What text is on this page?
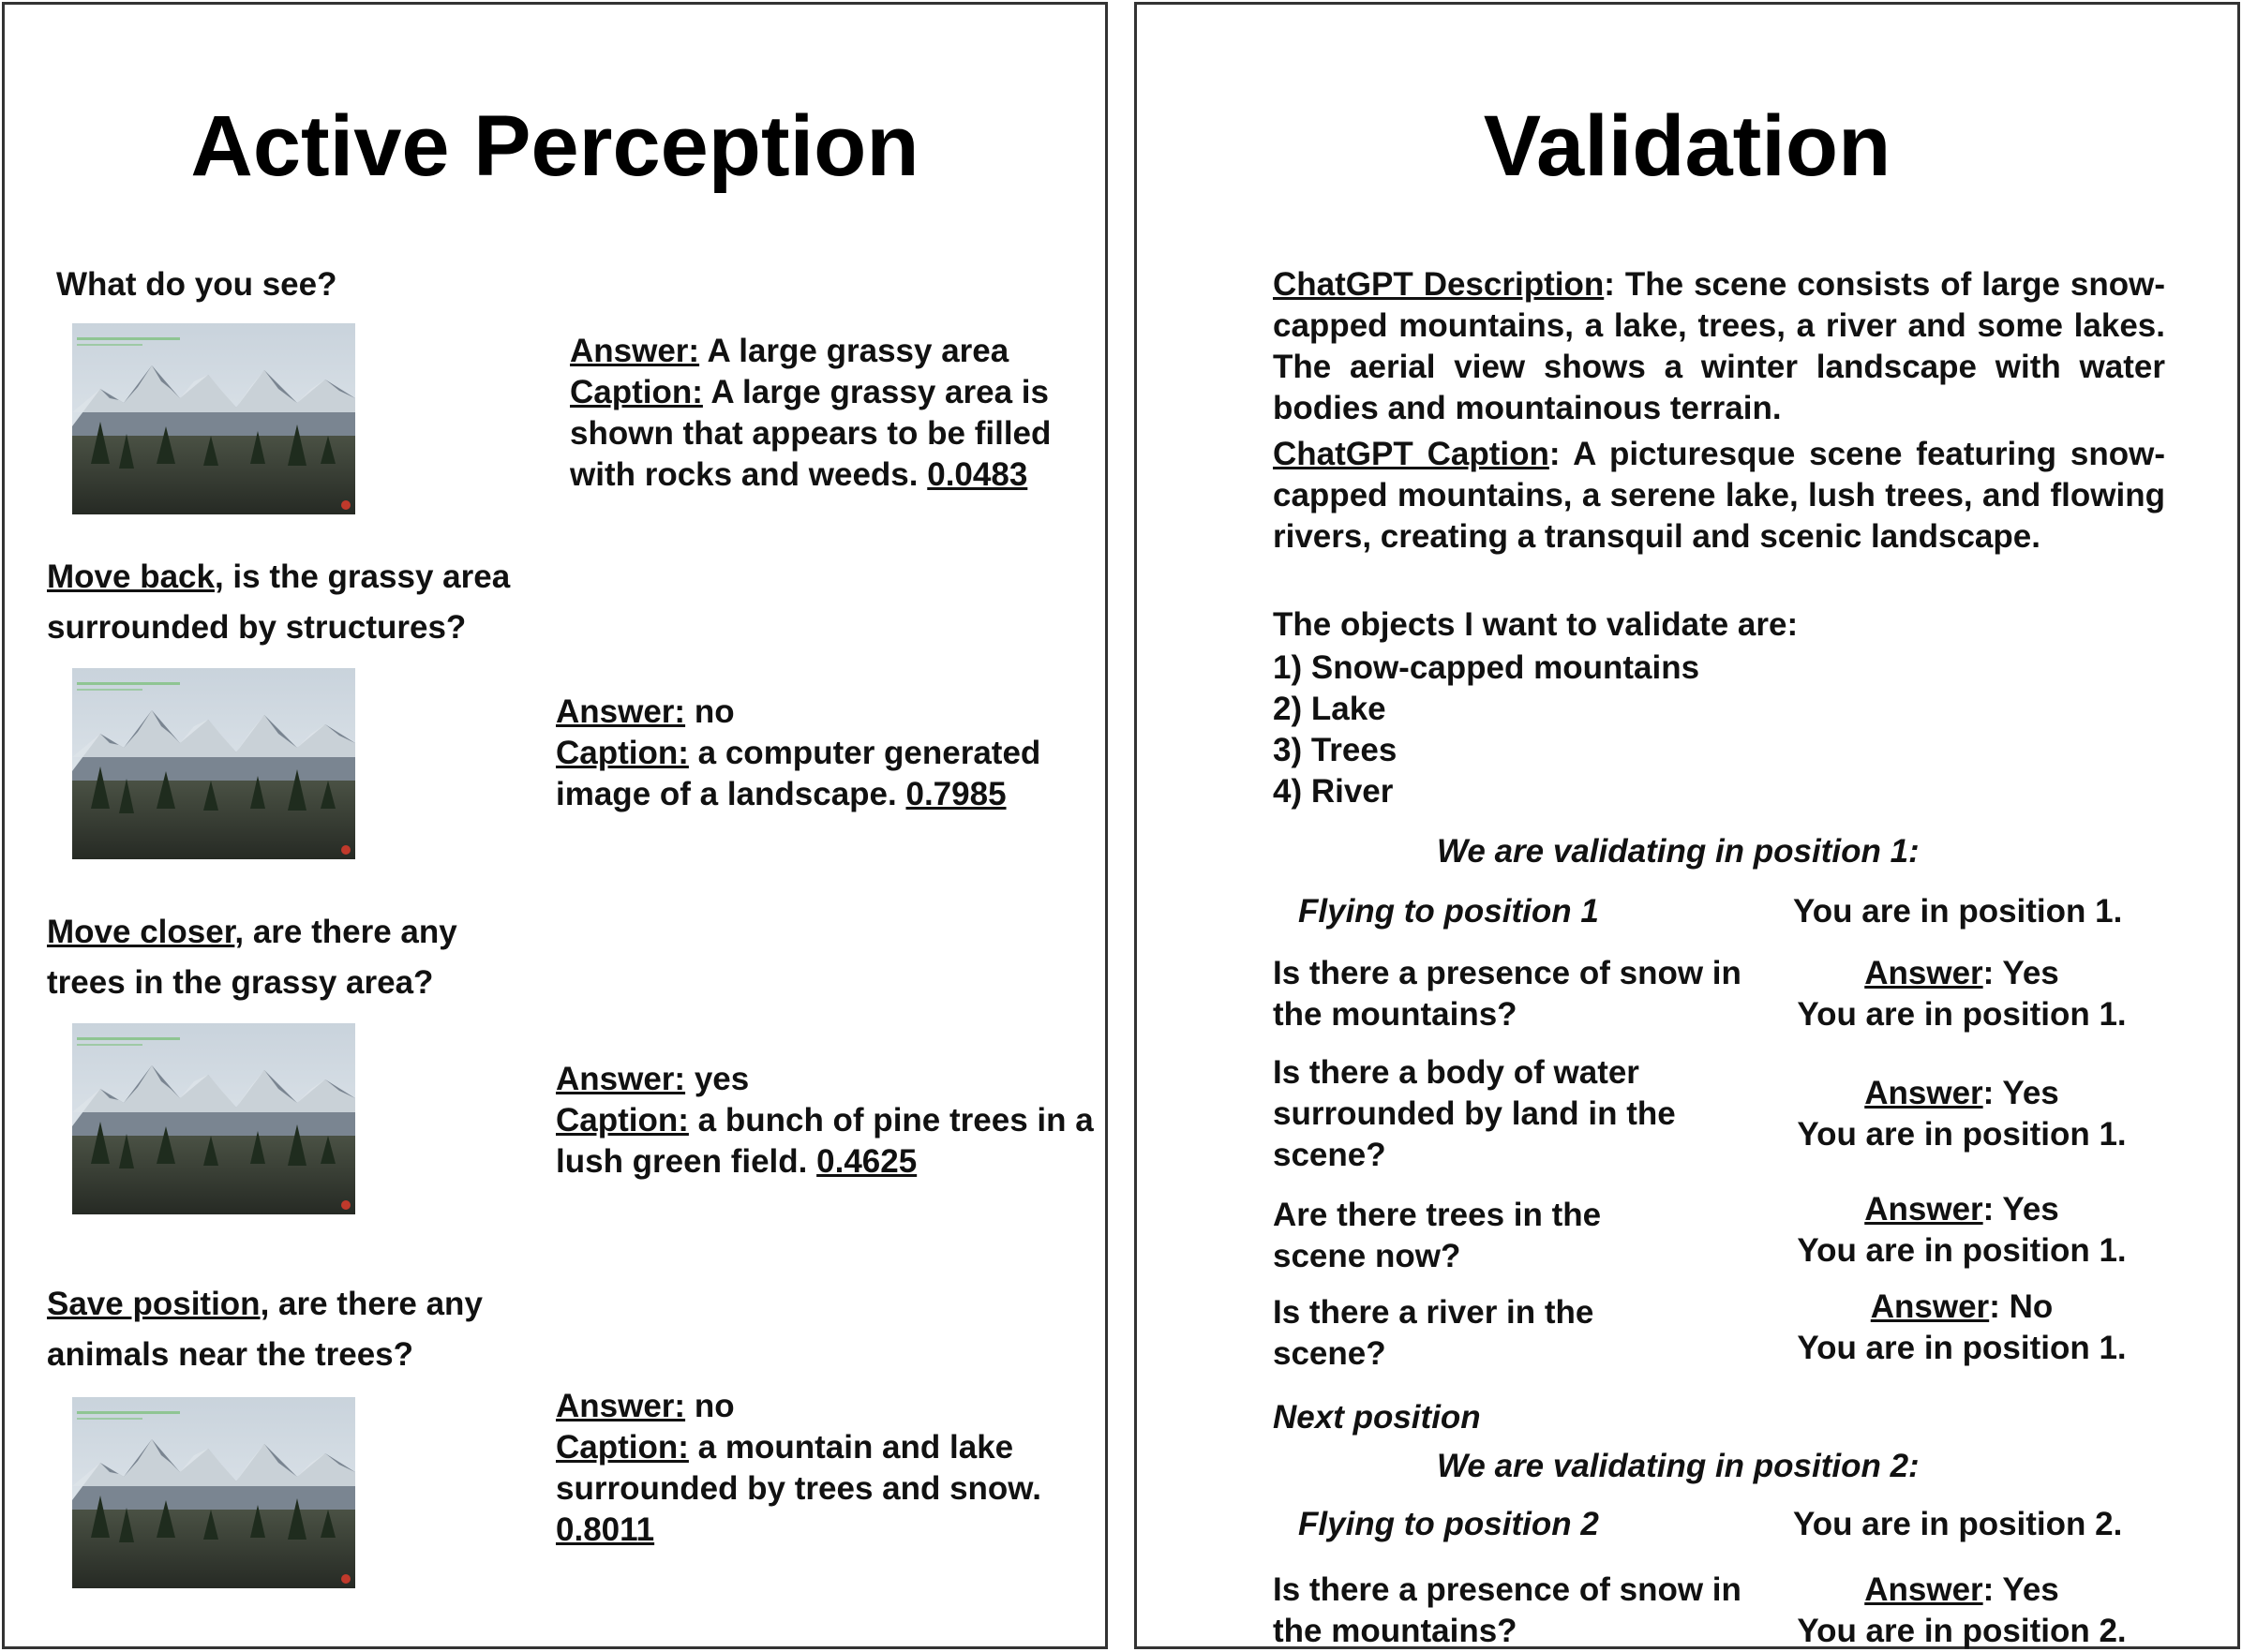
Active Perception
What do you see?
Answer: A large grassy area
Caption: A large grassy area is shown that appears to be filled with rocks and weeds. 0.0483
Move back, is the grassy area surrounded by structures?
Answer: no
Caption: a computer generated image of a landscape. 0.7985
Move closer, are there any trees in the grassy area?
Answer: yes
Caption: a bunch of pine trees in a lush green field. 0.4625
Save position, are there any animals near the trees?
Answer: no
Caption: a mountain and lake surrounded by trees and snow. 0.8011
Validation
ChatGPT Description: The scene consists of large snow-capped mountains, a lake, trees, a river and some lakes. The aerial view shows a winter landscape with water bodies and mountainous terrain.
ChatGPT Caption: A picturesque scene featuring snow-capped mountains, a serene lake, lush trees, and flowing rivers, creating a transquil and scenic landscape.
The objects I want to validate are:
1) Snow-capped mountains
2) Lake
3) Trees
4) River
We are validating in position 1:
Flying to position 1	You are in position 1.
Is there a presence of snow in the mountains?
Answer: Yes
You are in position 1.
Is there a body of water surrounded by land in the scene?
Answer: Yes
You are in position 1.
Are there trees in the scene now?
Answer: Yes
You are in position 1.
Is there a river in the scene?
Answer: No
You are in position 1.
Next position
We are validating in position 2:
Flying to position 2	You are in position 2.
Is there a presence of snow in the mountains?
Answer: Yes
You are in position 2.
